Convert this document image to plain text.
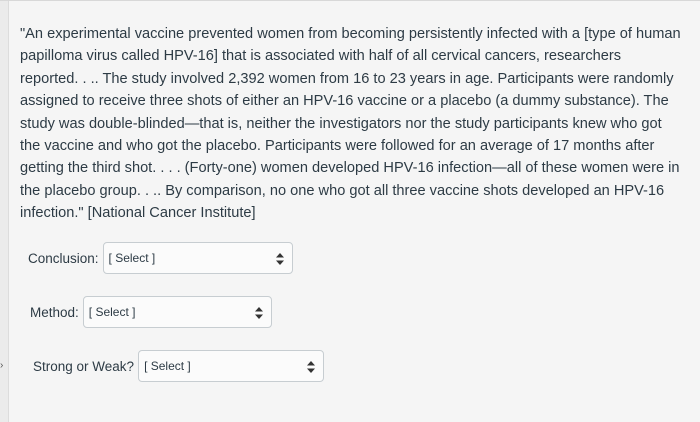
›

"An experimental vaccine prevented women from becoming persistently infected with a [type of human papilloma virus called HPV-16] that is associated with half of all cervical cancers, researchers reported. . .. The study involved 2,392 women from 16 to 23 years in age. Participants were randomly assigned to receive three shots of either an HPV-16 vaccine or a placebo (a dummy substance). The study was double-blinded—that is, neither the investigators nor the study participants knew who got the vaccine and who got the placebo. Participants were followed for an average of 17 months after getting the third shot. . . . (Forty-one) women developed HPV-16 infection—all of these women were in the placebo group. . .. By comparison, no one who got all three vaccine shots developed an HPV-16 infection." [National Cancer Institute]

Conclusion: [ Select ]
Method: [ Select ]
Strong or Weak? [ Select ]
